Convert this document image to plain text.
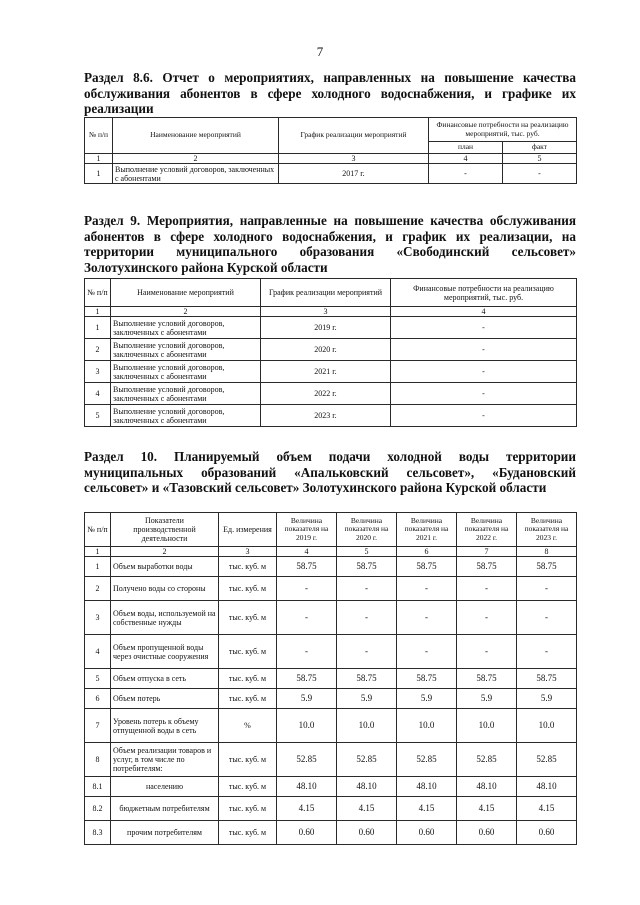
7

Раздел 8.6. Отчет о мероприятиях, направленных на повышение качества обслуживания абонентов в сфере холодного водоснабжения, и графике их реализации

№ п/п	Наименование мероприятий	График реализации мероприятий	Финансовые потребности на реализацию мероприятий, тыс. руб.	
			план	факт
1	2	3	4	5
1	Выполнение условий договоров, заключенных с абонентами	2017 г.	-	-

Раздел 9. Мероприятия, направленные на повышение качества обслуживания абонентов в сфере холодного водоснабжения, и график их реализации, на территории муниципального образования «Свободинский сельсовет» Золотухинского района Курской области

№ п/п	Наименование мероприятий	График реализации мероприятий	Финансовые потребности на реализацию мероприятий, тыс. руб.
1	2	3	4
1	Выполнение условий договоров, заключенных с абонентами	2019 г.	-
2	Выполнение условий договоров, заключенных с абонентами	2020 г.	-
3	Выполнение условий договоров, заключенных с абонентами	2021 г.	-
4	Выполнение условий договоров, заключенных с абонентами	2022 г.	-
5	Выполнение условий договоров, заключенных с абонентами	2023 г.	-

Раздел 10. Планируемый объем подачи холодной воды территории муниципальных образований «Апальковский сельсовет», «Будановский сельсовет» и «Тазовский сельсовет» Золотухинского района Курской области

№ п/п	Показатели производственной деятельности	Ед. измерения	Величина показателя на 2019 г.	Величина показателя на 2020 г.	Величина показателя на 2021 г.	Величина показателя на 2022 г.	Величина показателя на 2023 г.
1	2	3	4	5	6	7	8
1	Объем выработки воды	тыс. куб. м	58.75	58.75	58.75	58.75	58.75
2	Получено воды со стороны	тыс. куб. м	-	-	-	-	-
3	Объем воды, используемой на собственные нужды	тыс. куб. м	-	-	-	-	-
4	Объем пропущенной воды через очистные сооружения	тыс. куб. м	-	-	-	-	-
5	Объем отпуска в сеть	тыс. куб. м	58.75	58.75	58.75	58.75	58.75
6	Объем потерь	тыс. куб. м	5.9	5.9	5.9	5.9	5.9
7	Уровень потерь к объему отпущенной воды в сеть	%	10.0	10.0	10.0	10.0	10.0
8	Объем реализации товаров и услуг, в том числе по потребителям:	тыс. куб. м	52.85	52.85	52.85	52.85	52.85
8.1	населению	тыс. куб. м	48.10	48.10	48.10	48.10	48.10
8.2	бюджетным потребителям	тыс. куб. м	4.15	4.15	4.15	4.15	4.15
8.3	прочим потребителям	тыс. куб. м	0.60	0.60	0.60	0.60	0.60
